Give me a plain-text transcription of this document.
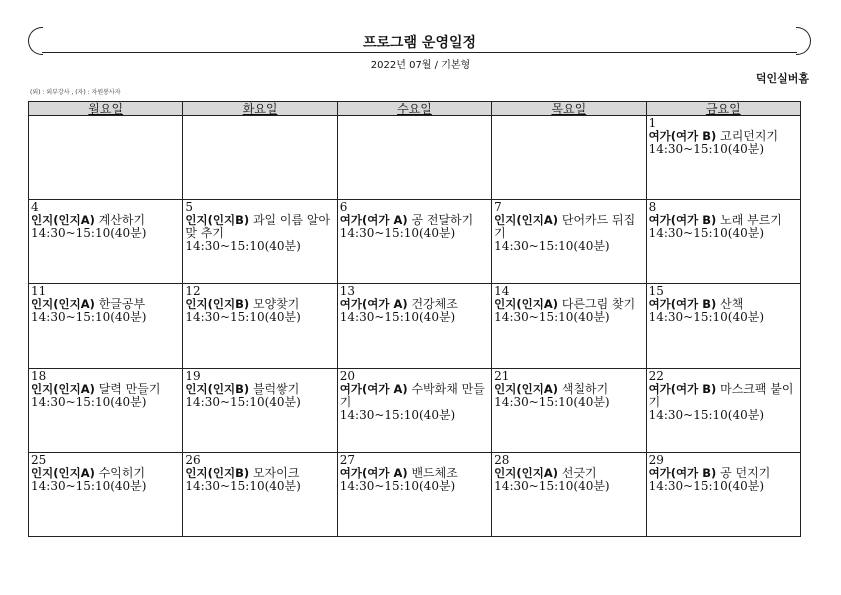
프로그램 운영일정
2022년 07월 / 기본형
덕인실버홈
(외) : 외부강사 , (자) : 자원봉사자
월요일	화요일	수요일	목요일	금요일

				1
여가(여가 B) 고리던지기
14:30~15:10(40분)

4
인지(인지A) 계산하기
14:30~15:10(40분)	5
인지(인지B) 과일 이름 알아 맞 추기
14:30~15:10(40분)	6
여가(여가 A) 공 전달하기
14:30~15:10(40분)	7
인지(인지A) 단어카드 뒤집기
14:30~15:10(40분)	8
여가(여가 B) 노래 부르기
14:30~15:10(40분)

11
인지(인지A) 한글공부
14:30~15:10(40분)	12
인지(인지B) 모양찾기
14:30~15:10(40분)	13
여가(여가 A) 건강체조
14:30~15:10(40분)	14
인지(인지A) 다른그림 찾기
14:30~15:10(40분)	15
여가(여가 B) 산책
14:30~15:10(40분)

18
인지(인지A) 달력 만들기
14:30~15:10(40분)	19
인지(인지B) 블럭쌓기
14:30~15:10(40분)	20
여가(여가 A) 수박화채 만들기
14:30~15:10(40분)	21
인지(인지A) 색칠하기
14:30~15:10(40분)	22
여가(여가 B) 마스크팩 붙이기
14:30~15:10(40분)

25
인지(인지A) 수익히기
14:30~15:10(40분)	26
인지(인지B) 모자이크
14:30~15:10(40분)	27
여가(여가 A) 밴드체조
14:30~15:10(40분)	28
인지(인지A) 선긋기
14:30~15:10(40분)	29
여가(여가 B) 공 던지기
14:30~15:10(40분)
